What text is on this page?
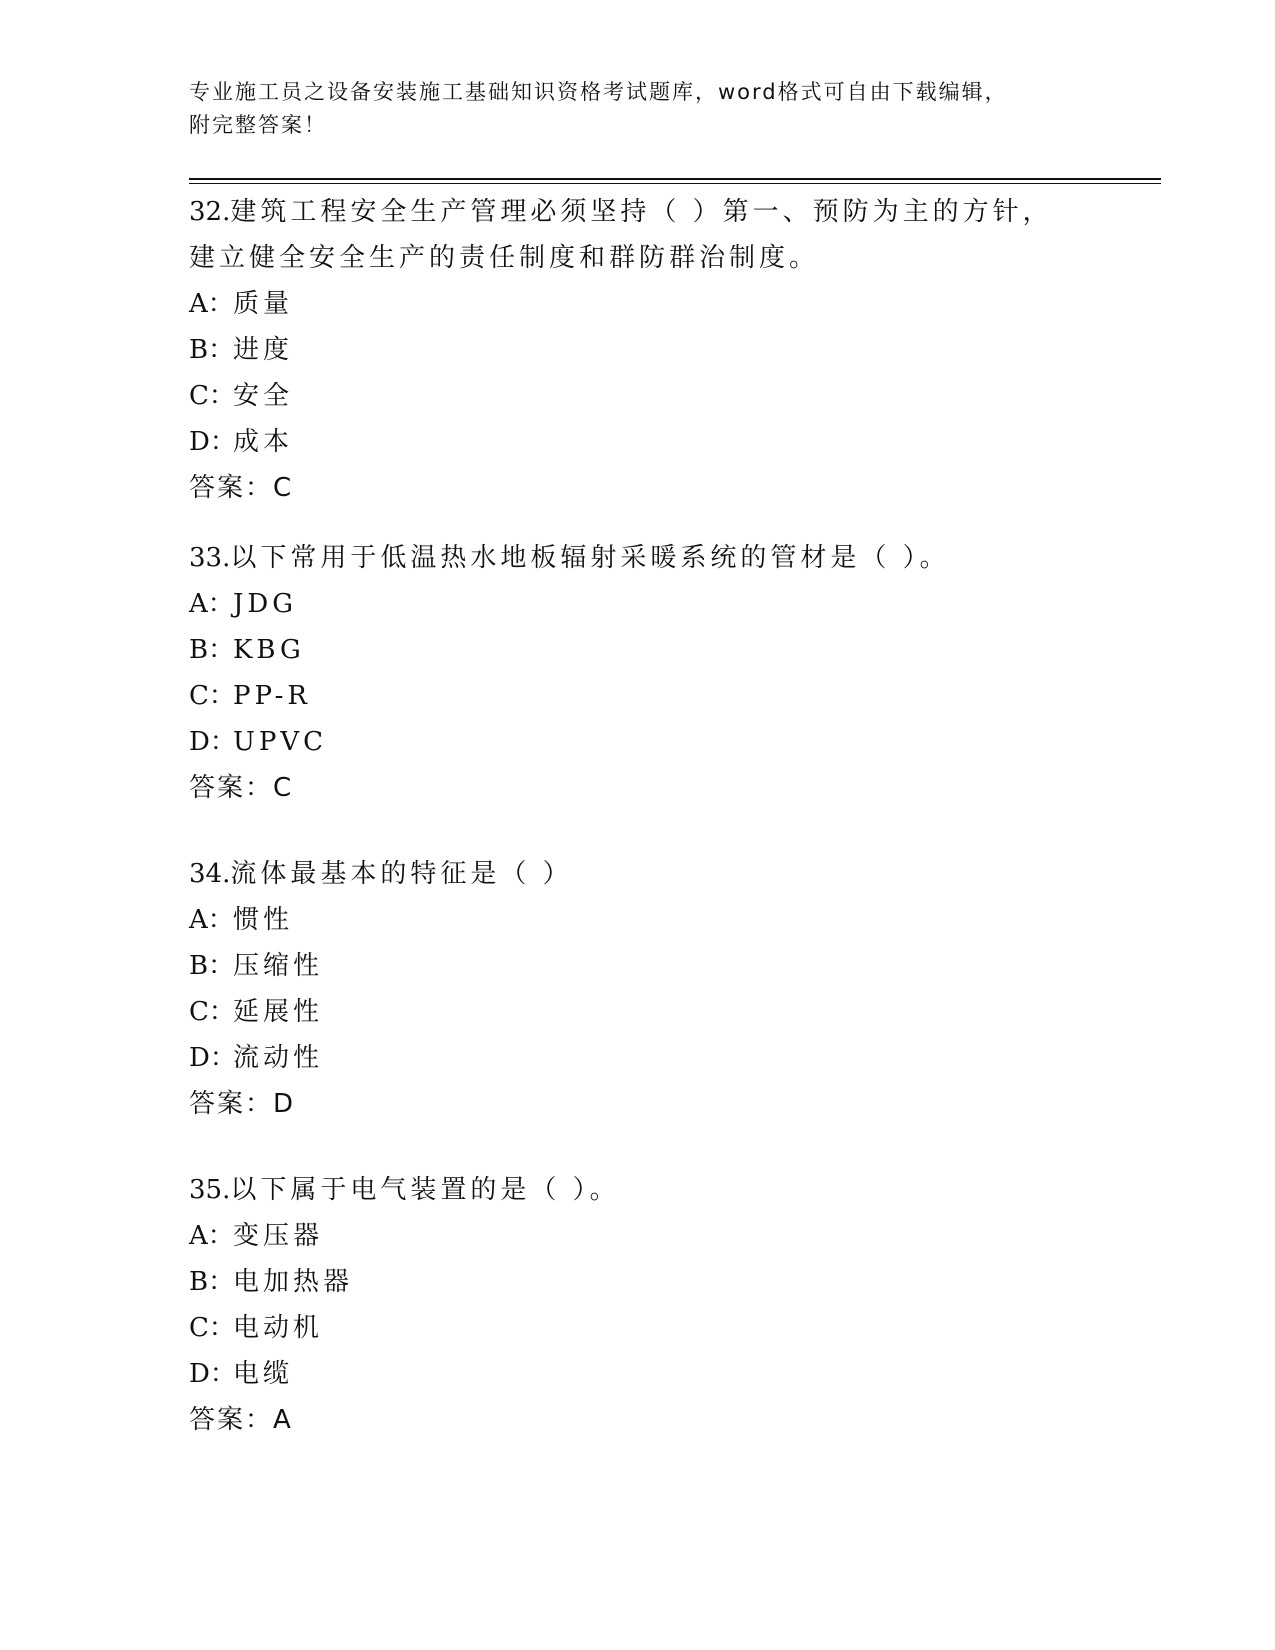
专业施工员之设备安装施工基础知识资格考试题库，word格式可自由下载编辑，
附完整答案！
32.建筑工程安全生产管理必须坚持（ ）第一、预防为主的方针，建立健全安全生产的责任制度和群防群治制度。
A：质量
B：进度
C：安全
D：成本
答案：C
33.以下常用于低温热水地板辐射采暖系统的管材是（ ）。
A：JDG
B：KBG
C：PP-R
D：UPVC
答案：C
34.流体最基本的特征是（ ）
A：惯性
B：压缩性
C：延展性
D：流动性
答案：D
35.以下属于电气装置的是（ ）。
A：变压器
B：电加热器
C：电动机
D：电缆
答案：A
